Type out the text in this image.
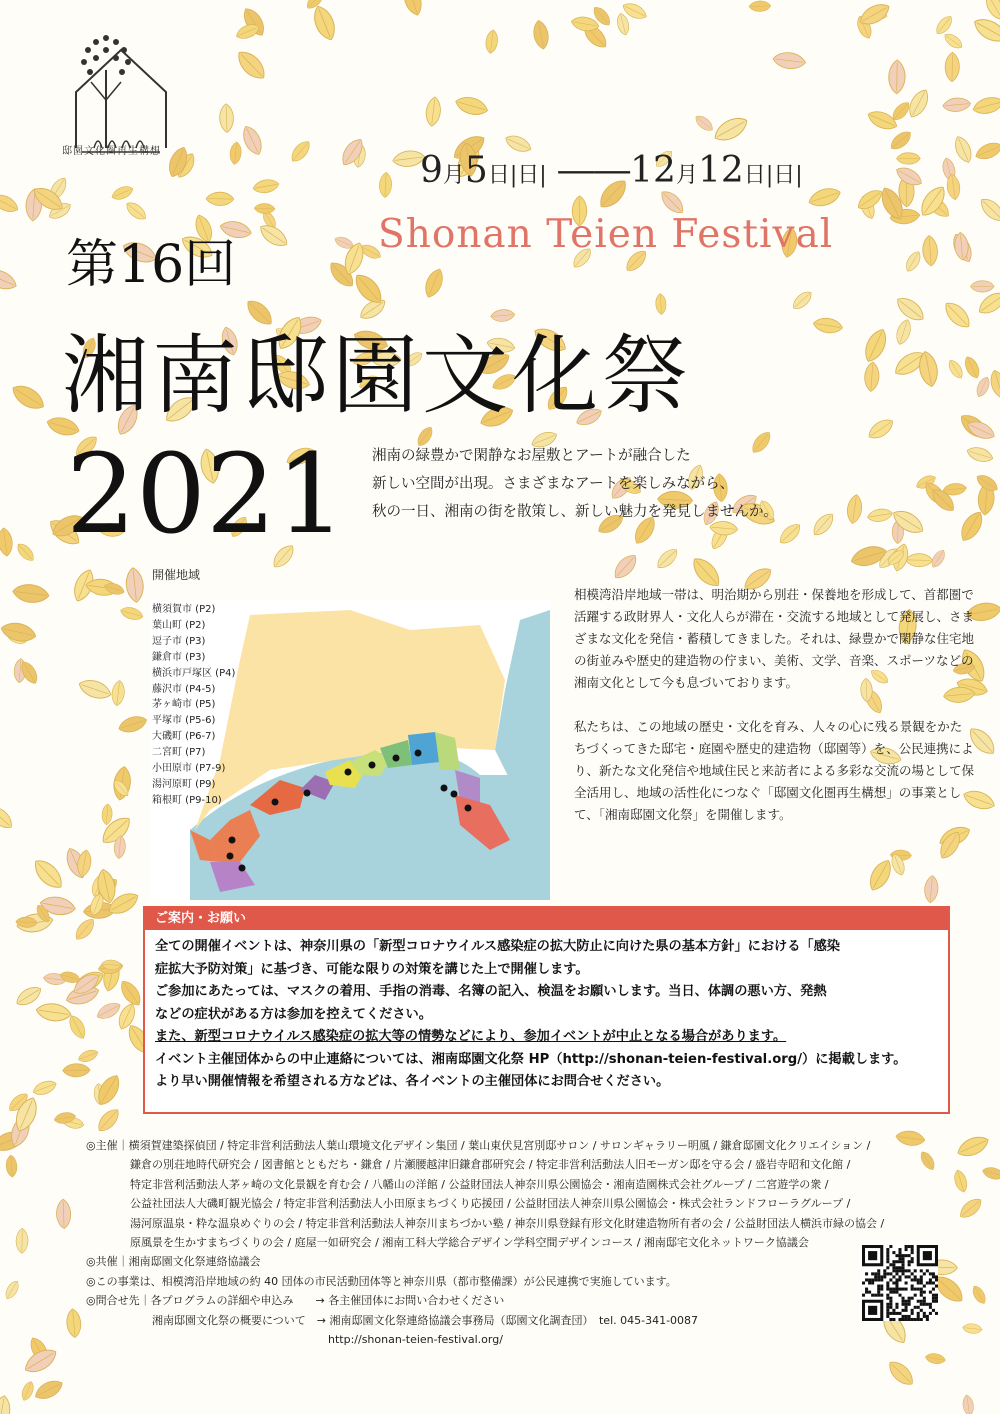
邸園文化圏再生構想	9月5日|日| ――12月12日|日|
Shonan Teien Festival
第16回
湘南邸園文化祭
2021 湘南の緑豊かで閑静なお屋敷とアートが融合した
新しい空間が出現。さまざまなアートを楽しみながら、
秋の一日、湘南の街を散策し、新しい魅力を発見しませんか。
開催地域
横須賀市 (P2)
葉山町 (P2)
逗子市 (P3)
鎌倉市 (P3)
横浜市戸塚区 (P4)
藤沢市 (P4-5)
茅ヶ崎市 (P5)
平塚市 (P5-6)
大磯町 (P6-7)
二宮町 (P7)
小田原市 (P7-9)
湯河原町 (P9)
箱根町 (P9-10)

相模湾沿岸地域一帯は、明治期から別荘・保養地を形成して、首都圏で活躍する政財界人・文化人らが滞在・交流する地域として発展し、さまざまな文化を発信・蓄積してきました。それは、緑豊かで閑静な住宅地の街並みや歴史的建造物の佇まい、美術、文学、音楽、スポーツなどの湘南文化として今も息づいております。

私たちは、この地域の歴史・文化を育み、人々の心に残る景観をかたちづくってきた邸宅・庭園や歴史的建造物（邸園等）を、公民連携により、新たな文化発信や地域住民と来訪者による多彩な交流の場として保全活用し、地域の活性化につなぐ「邸園文化圏再生構想」の事業として、「湘南邸園文化祭」を開催します。

ご案内・お願い
全ての開催イベントは、神奈川県の「新型コロナウイルス感染症の拡大防止に向けた県の基本方針」における「感染
症拡大予防対策」に基づき、可能な限りの対策を講じた上で開催します。
ご参加にあたっては、マスクの着用、手指の消毒、名簿の記入、検温をお願いします。当日、体調の悪い方、発熱
などの症状がある方は参加を控えてください。
また、新型コロナウイルス感染症の拡大等の情勢などにより、参加イベントが中止となる場合があります。
イベント主催団体からの中止連絡については、湘南邸園文化祭 HP（http://shonan-teien-festival.org/）に掲載します。
より早い開催情報を希望される方などは、各イベントの主催団体にお問合せください。
◎主催｜横須賀建築探偵団 / 特定非営利活動法人葉山環境文化デザイン集団 / 葉山東伏見宮別邸サロン / サロンギャラリー明風 / 鎌倉邸園文化クリエイション /
　　　　鎌倉の別荘地時代研究会 / 図書館とともだち・鎌倉 / 片瀬腰越津旧鎌倉郡研究会 / 特定非営利活動法人旧モーガン邸を守る会 / 盛岩寺昭和文化館 /
　　　　特定非営利活動法人茅ヶ崎の文化景観を育む会 / 八幡山の洋館 / 公益財団法人神奈川県公園協会・湘南造園株式会社グループ / 二宮遊学の衆 /
　　　　公益社団法人大磯町観光協会 / 特定非営利活動法人小田原まちづくり応援団 / 公益財団法人神奈川県公園協会・株式会社ランドフローラグループ /
　　　　湯河原温泉・粋な温泉めぐりの会 / 特定非営利活動法人神奈川まちづかい塾 / 神奈川県登録有形文化財建造物所有者の会 / 公益財団法人横浜市緑の協会 /
　　　　原風景を生かすまちづくりの会 / 庭屋一如研究会 / 湘南工科大学総合デザイン学科空間デザインコース / 湘南邸宅文化ネットワーク協議会
◎共催｜湘南邸園文化祭連絡協議会
◎この事業は、相模湾沿岸地域の約 40 団体の市民活動団体等と神奈川県（都市整備課）が公民連携で実施しています。
◎問合せ先｜各プログラムの詳細や申込み　　→ 各主催団体にお問い合わせください
　　　　　　湘南邸園文化祭の概要について　→ 湘南邸園文化祭連絡協議会事務局（邸園文化調査団）　tel. 045-341-0087
　　　　　　　　　　　　　　　　　　　　　　http://shonan-teien-festival.org/
